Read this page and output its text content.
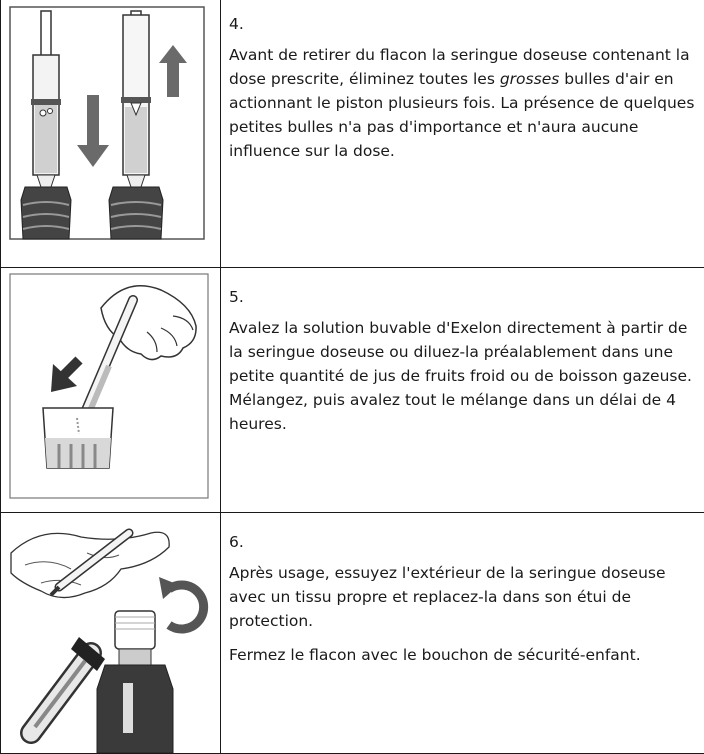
4.
Avant de retirer du flacon la seringue doseuse contenant la dose prescrite, éliminez toutes les grosses bulles d'air en actionnant le piston plusieurs fois. La présence de quelques petites bulles n'a pas d'importance et n'aura aucune influence sur la dose.

5.
Avalez la solution buvable d'Exelon directement à partir de la seringue doseuse ou diluez-la préalablement dans une petite quantité de jus de fruits froid ou de boisson gazeuse. Mélangez, puis avalez tout le mélange dans un délai de 4 heures.

6.
Après usage, essuyez l'extérieur de la seringue doseuse avec un tissu propre et replacez-la dans son étui de protection.
Fermez le flacon avec le bouchon de sécurité-enfant.
